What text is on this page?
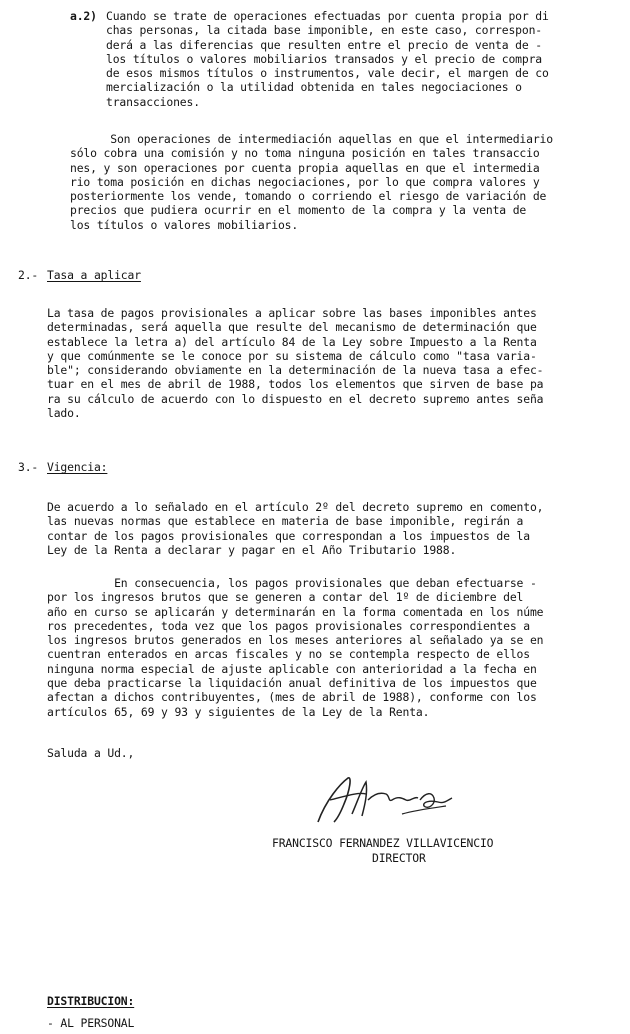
a.2) Cuando se trate de operaciones efectuadas por cuenta propia por di
chas personas, la citada base imponible, en este caso, correspon-
derá a las diferencias que resulten entre el precio de venta de -
los títulos o valores mobiliarios transados y el precio de compra
de esos mismos títulos o instrumentos, vale decir, el margen de co
mercialización o la utilidad obtenida en tales negociaciones o
transacciones.
Son operaciones de intermediación aquellas en que el intermediario
sólo cobra una comisión y no toma ninguna posición en tales transaccio
nes, y son operaciones por cuenta propia aquellas en que el intermedia
rio toma posición en dichas negociaciones, por lo que compra valores y
posteriormente los vende, tomando o corriendo el riesgo de variación de
precios que pudiera ocurrir en el momento de la compra y la venta de
los títulos o valores mobiliarios.
2.- Tasa a aplicar
La tasa de pagos provisionales a aplicar sobre las bases imponibles antes
determinadas, será aquella que resulte del mecanismo de determinación que
establece la letra a) del artículo 84 de la Ley sobre Impuesto a la Renta
y que comúnmente se le conoce por su sistema de cálculo como "tasa varia-
ble"; considerando obviamente en la determinación de la nueva tasa a efec-
tuar en el mes de abril de 1988, todos los elementos que sirven de base pa
ra su cálculo de acuerdo con lo dispuesto en el decreto supremo antes seña
lado.
3.- Vigencia:
De acuerdo a lo señalado en el artículo 2º del decreto supremo en comento,
las nuevas normas que establece en materia de base imponible, regirán a
contar de los pagos provisionales que correspondan a los impuestos de la
Ley de la Renta a declarar y pagar en el Año Tributario 1988.
En consecuencia, los pagos provisionales que deban efectuarse -
por los ingresos brutos que se generen a contar del 1º de diciembre del
año en curso se aplicarán y determinarán en la forma comentada en los núme
ros precedentes, toda vez que los pagos provisionales correspondientes a
los ingresos brutos generados en los meses anteriores al señalado ya se en
cuentran enterados en arcas fiscales y no se contempla respecto de ellos
ninguna norma especial de ajuste aplicable con anterioridad a la fecha en
que deba practicarse la liquidación anual definitiva de los impuestos que
afectan a dichos contribuyentes, (mes de abril de 1988), conforme con los
artículos 65, 69 y 93 y siguientes de la Ley de la Renta.
Saluda a Ud.,
FRANCISCO FERNANDEZ VILLAVICENCIO
DIRECTOR
DISTRIBUCION:
- AL PERSONAL
